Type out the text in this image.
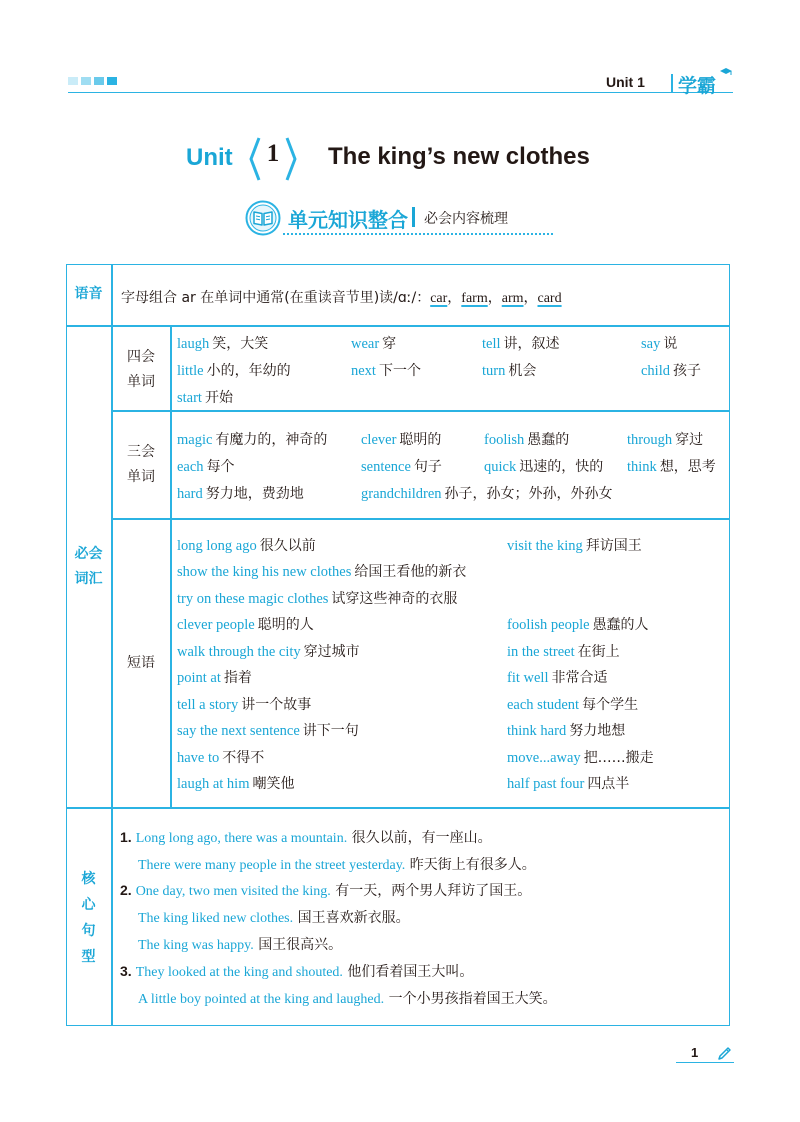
Unit 1 学霸
Unit	1	The king’s new clothes
单元知识整合 必会内容梳理
语音	字母组合 ar 在单词中通常(在重读音节里)读/ɑː/：car，farm，arm，card
必会词汇
四会单词
laugh 笑，大笑	wear 穿	tell 讲，叙述	say 说
little 小的，年幼的	next 下一个	turn 机会	child 孩子
start 开始
三会单词
magic 有魔力的，神奇的 clever 聪明的	foolish 愚蠢的	through 穿过
each 每个	sentence 句子	quick 迅速的，快的 think 想，思考
hard 努力地，费劲地	grandchildren 孙子，孙女；外孙，外孙女
短语
long long ago 很久以前	visit the king 拜访国王
show the king his new clothes 给国王看他的新衣
try on these magic clothes 试穿这些神奇的衣服
clever people 聪明的人	foolish people 愚蠢的人
walk through the city 穿过城市	in the street 在街上
point at 指着	fit well 非常合适
tell a story 讲一个故事	each student 每个学生
say the next sentence 讲下一句	think hard 努力地想
have to 不得不	move...away 把……搬走
laugh at him 嘲笑他	half past four 四点半
核
心
句
型
1. Long long ago, there was a mountain. 很久以前，有一座山。
There were many people in the street yesterday. 昨天街上有很多人。
2. One day, two men visited the king. 有一天，两个男人拜访了国王。
The king liked new clothes. 国王喜欢新衣服。
The king was happy. 国王很高兴。
3. They looked at the king and shouted. 他们看着国王大叫。
A little boy pointed at the king and laughed. 一个小男孩指着国王大笑。
1
